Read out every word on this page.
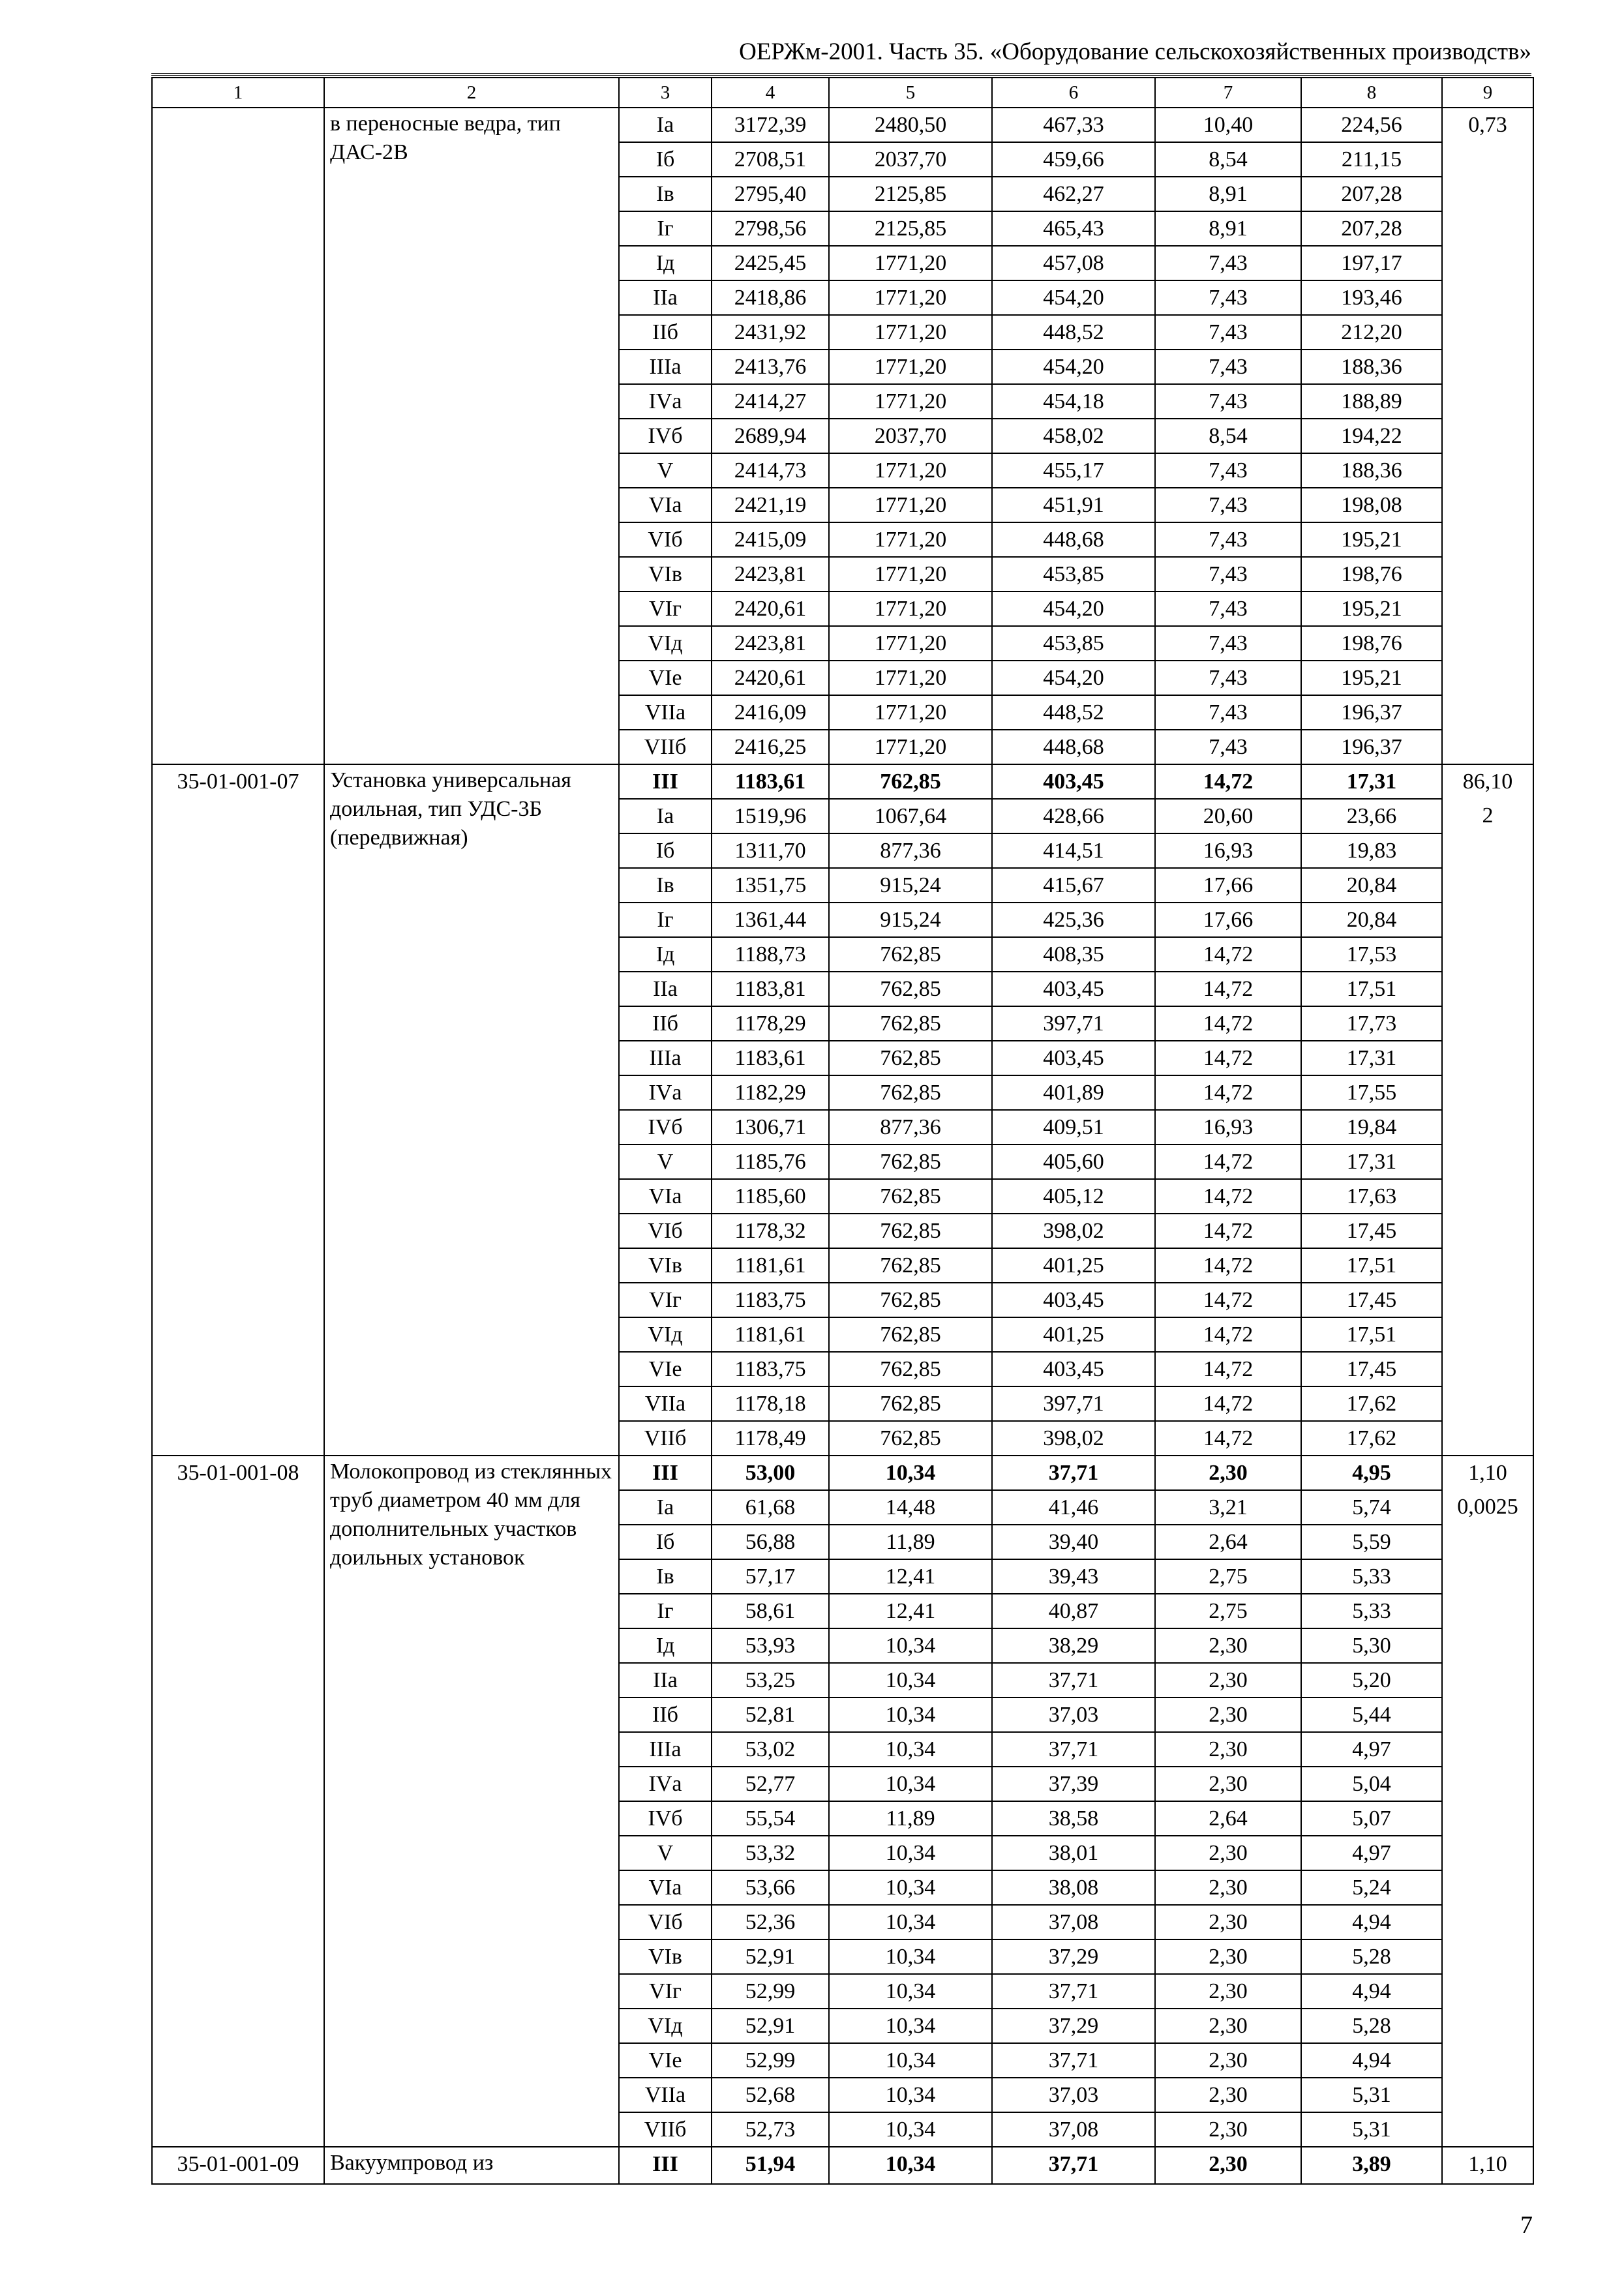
ОЕРЖм-2001. Часть 35. «Оборудование сельскохозяйственных производств»
1	2	3	4	5	6	7	8	9
	в переносные ведра, тип ДАС-2В	Iа	3172,39	2480,50	467,33	10,40	224,56	0,73
		Iб	2708,51	2037,70	459,66	8,54	211,15	
		Iв	2795,40	2125,85	462,27	8,91	207,28	
		Iг	2798,56	2125,85	465,43	8,91	207,28	
		Iд	2425,45	1771,20	457,08	7,43	197,17	
		IIа	2418,86	1771,20	454,20	7,43	193,46	
		IIб	2431,92	1771,20	448,52	7,43	212,20	
		IIIа	2413,76	1771,20	454,20	7,43	188,36	
		IVа	2414,27	1771,20	454,18	7,43	188,89	
		IVб	2689,94	2037,70	458,02	8,54	194,22	
		V	2414,73	1771,20	455,17	7,43	188,36	
		VIа	2421,19	1771,20	451,91	7,43	198,08	
		VIб	2415,09	1771,20	448,68	7,43	195,21	
		VIв	2423,81	1771,20	453,85	7,43	198,76	
		VIг	2420,61	1771,20	454,20	7,43	195,21	
		VIд	2423,81	1771,20	453,85	7,43	198,76	
		VIе	2420,61	1771,20	454,20	7,43	195,21	
		VIIа	2416,09	1771,20	448,52	7,43	196,37	
		VIIб	2416,25	1771,20	448,68	7,43	196,37	
35-01-001-07	Установка универсальная доильная, тип УДС-3Б (передвижная)	III	1183,61	762,85	403,45	14,72	17,31	86,10
		Iа	1519,96	1067,64	428,66	20,60	23,66	2
		Iб	1311,70	877,36	414,51	16,93	19,83	
		Iв	1351,75	915,24	415,67	17,66	20,84	
		Iг	1361,44	915,24	425,36	17,66	20,84	
		Iд	1188,73	762,85	408,35	14,72	17,53	
		IIа	1183,81	762,85	403,45	14,72	17,51	
		IIб	1178,29	762,85	397,71	14,72	17,73	
		IIIа	1183,61	762,85	403,45	14,72	17,31	
		IVа	1182,29	762,85	401,89	14,72	17,55	
		IVб	1306,71	877,36	409,51	16,93	19,84	
		V	1185,76	762,85	405,60	14,72	17,31	
		VIа	1185,60	762,85	405,12	14,72	17,63	
		VIб	1178,32	762,85	398,02	14,72	17,45	
		VIв	1181,61	762,85	401,25	14,72	17,51	
		VIг	1183,75	762,85	403,45	14,72	17,45	
		VIд	1181,61	762,85	401,25	14,72	17,51	
		VIе	1183,75	762,85	403,45	14,72	17,45	
		VIIа	1178,18	762,85	397,71	14,72	17,62	
		VIIб	1178,49	762,85	398,02	14,72	17,62	
35-01-001-08	Молокопровод из стеклянных труб диаметром 40 мм для дополнительных участков доильных установок	III	53,00	10,34	37,71	2,30	4,95	1,10
		Iа	61,68	14,48	41,46	3,21	5,74	0,0025
		Iб	56,88	11,89	39,40	2,64	5,59	
		Iв	57,17	12,41	39,43	2,75	5,33	
		Iг	58,61	12,41	40,87	2,75	5,33	
		Iд	53,93	10,34	38,29	2,30	5,30	
		IIа	53,25	10,34	37,71	2,30	5,20	
		IIб	52,81	10,34	37,03	2,30	5,44	
		IIIа	53,02	10,34	37,71	2,30	4,97	
		IVа	52,77	10,34	37,39	2,30	5,04	
		IVб	55,54	11,89	38,58	2,64	5,07	
		V	53,32	10,34	38,01	2,30	4,97	
		VIа	53,66	10,34	38,08	2,30	5,24	
		VIб	52,36	10,34	37,08	2,30	4,94	
		VIв	52,91	10,34	37,29	2,30	5,28	
		VIг	52,99	10,34	37,71	2,30	4,94	
		VIд	52,91	10,34	37,29	2,30	5,28	
		VIе	52,99	10,34	37,71	2,30	4,94	
		VIIа	52,68	10,34	37,03	2,30	5,31	
		VIIб	52,73	10,34	37,08	2,30	5,31	
35-01-001-09	Вакуумпровод из	III	51,94	10,34	37,71	2,30	3,89	1,10
7
